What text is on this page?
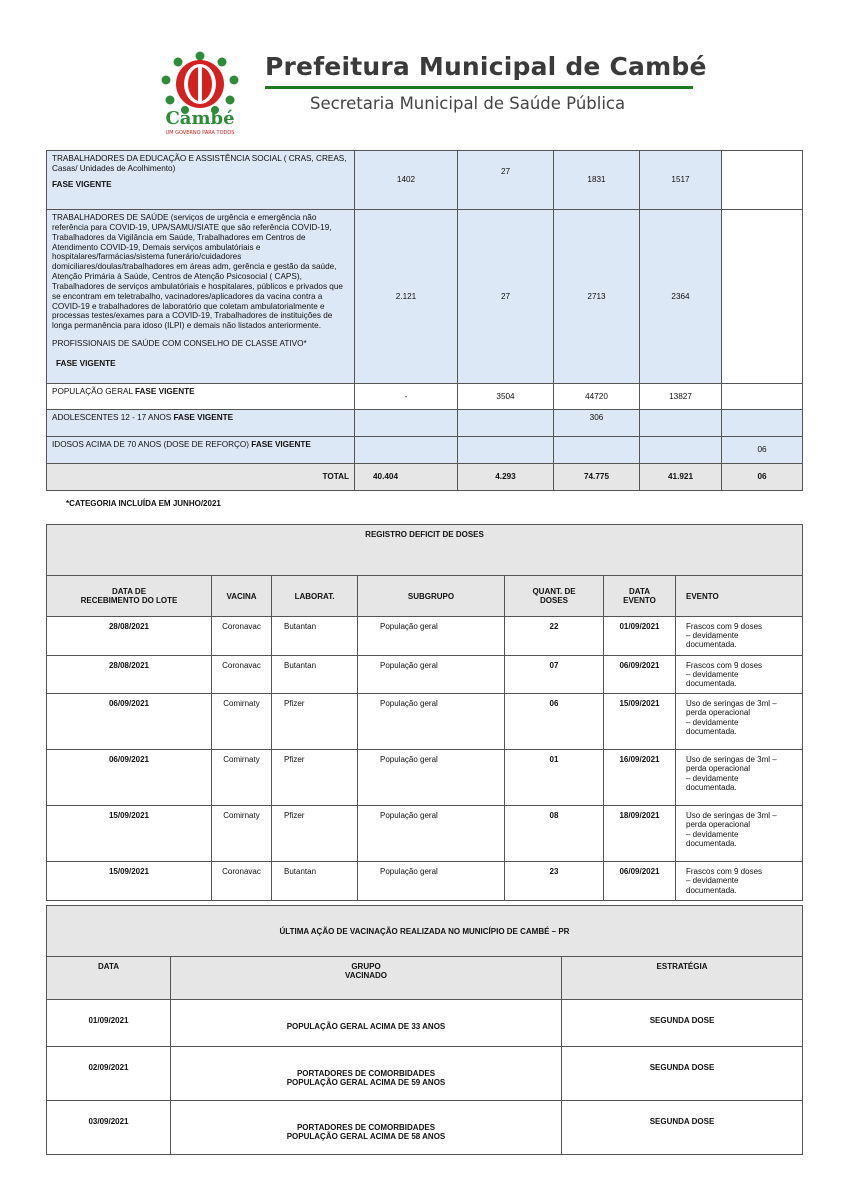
Cambé
UM GOVERNO PARA TODOS
Prefeitura Municipal de Cambé
Secretaria Municipal de Saúde Pública
TRABALHADORES DA EDUCAÇÃO E ASSISTÊNCIA SOCIAL ( CRAS, CREAS, Casas/ Unidades de Acolhimento)
FASE VIGENTE	1402	27	1831	1517	

TRABALHADORES DE SAÚDE (serviços de urgência e emergência não referência para COVID-19, UPA/SAMU/SIATE que são referência COVID-19, Trabalhadores da Vigilância em Saúde, Trabalhadores em Centros de Atendimento COVID-19, Demais serviços ambulatóriais e hospitalares/farmácias/sistema funerário/cuidadores domiciliares/doulas/trabalhadores em áreas adm, gerência e gestão da saúde, Atenção Primária à Saúde, Centros de Atenção Psicosocial ( CAPS), Trabalhadores de serviços ambulatóriais e hospitalares, públicos e privados que se encontram em teletrabalho, vacinadores/aplicadores da vacina contra a COVID-19 e trabalhadores de laboratório que coletam ambulatorialmente e processas testes/exames para a COVID-19, Trabalhadores de instituições de longa permanência para idoso (ILPI) e demais não listados anteriormente.
PROFISSIONAIS DE SAÚDE COM CONSELHO DE CLASSE ATIVO*
FASE VIGENTE	2.121	27	2713	2364	
POPULAÇÃO GERAL FASE VIGENTE	-	3504	44720	13827	
ADOLESCENTES 12 - 17 ANOS FASE VIGENTE			306		
IDOSOS ACIMA DE 70 ANOS (DOSE DE REFORÇO) FASE VIGENTE					06
TOTAL	40.404	4.293	74.775	41.921	06
*CATEGORIA INCLUÍDA EM JUNHO/2021
REGISTRO DEFICIT DE DOSES						
DATA DE
RECEBIMENTO DO LOTE	VACINA	LABORAT.	SUBGRUPO	QUANT. DE
DOSES	DATA
EVENTO	EVENTO
28/08/2021	Coronavac	Butantan	População geral	22	01/09/2021	Frascos com 9 doses
– devidamente
documentada.
28/08/2021	Coronavac	Butantan	População geral	07	06/09/2021	Frascos com 9 doses
– devidamente
documentada.
06/09/2021	Comirnaty	Pfizer	População geral	06	15/09/2021	Uso de seringas de 3ml –
perda operacional
– devidamente
documentada.
06/09/2021	Comirnaty	Pfizer	População geral	01	16/09/2021	Uso de seringas de 3ml –
perda operacional
– devidamente
documentada.
15/09/2021	Comirnaty	Pfizer	População geral	08	18/09/2021	Uso de seringas de 3ml –
perda operacional
– devidamente
documentada.
15/09/2021	Coronavac	Butantan	População geral	23	06/09/2021	Frascos com 9 doses
– devidamente
documentada.
ÚLTIMA AÇÃO DE VACINAÇÃO REALIZADA NO MUNICÍPIO DE CAMBÉ – PR		
DATA	GRUPO
VACINADO	ESTRATÉGIA
01/09/2021	POPULAÇÃO GERAL ACIMA DE 33 ANOS	SEGUNDA DOSE
02/09/2021	PORTADORES DE COMORBIDADES
POPULAÇÃO GERAL ACIMA DE 59 ANOS	SEGUNDA DOSE
03/09/2021	PORTADORES DE COMORBIDADES
POPULAÇÃO GERAL ACIMA DE 58 ANOS	SEGUNDA DOSE
